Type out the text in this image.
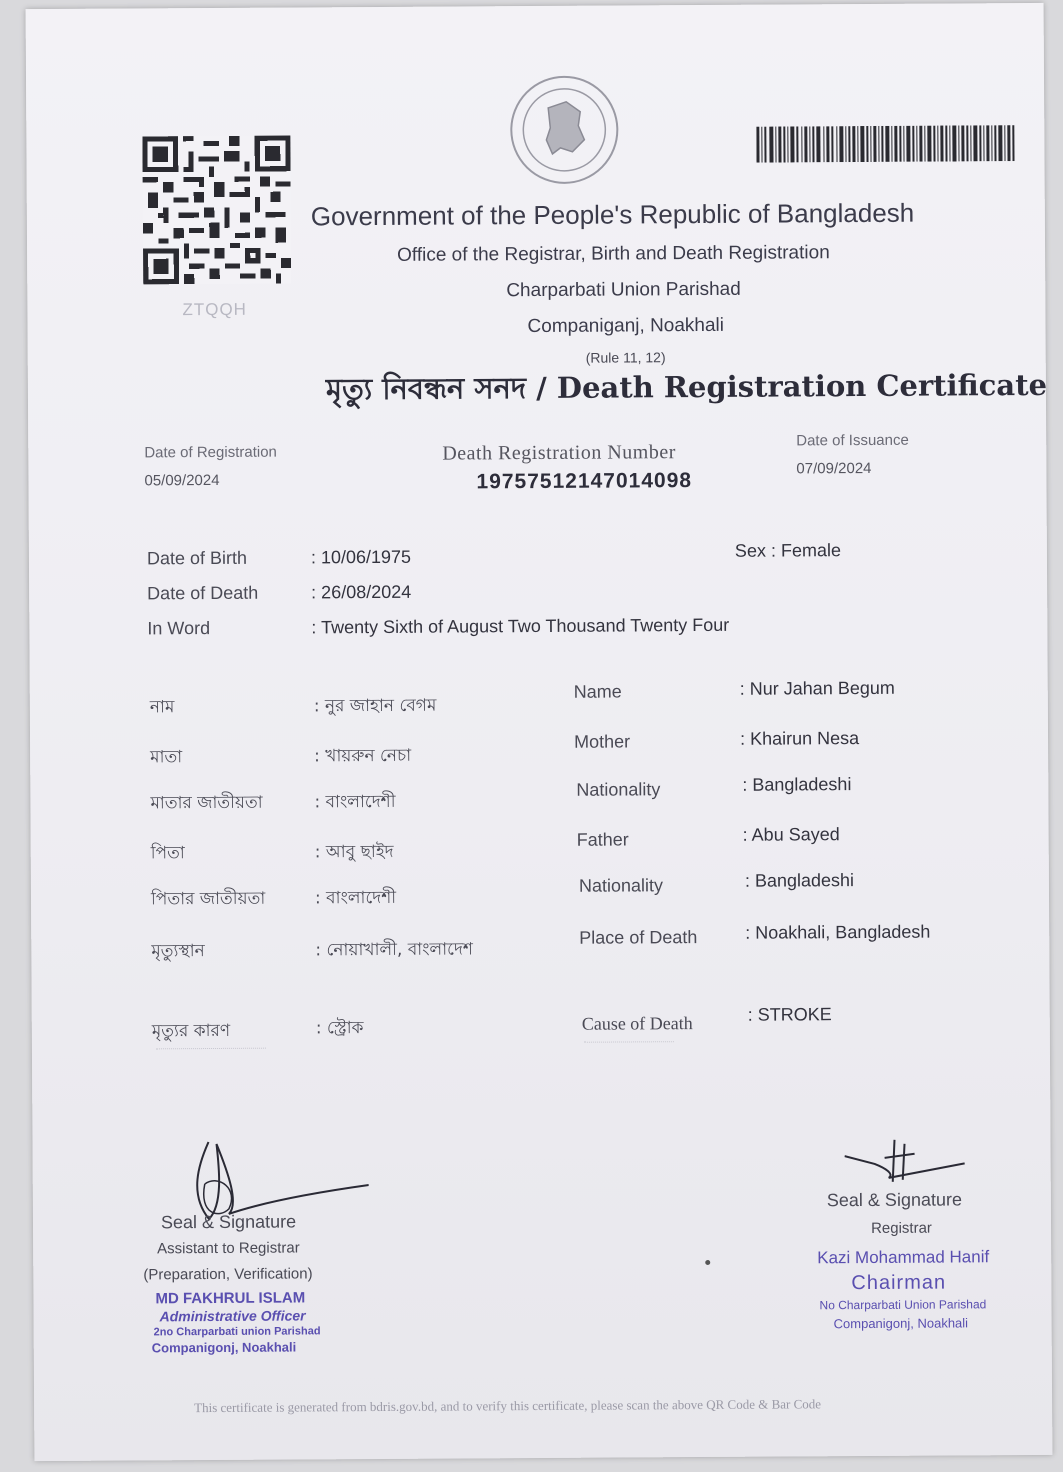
ZTQQH
Government of the People's Republic of Bangladesh
Office of the Registrar, Birth and Death Registration
Charparbati Union Parishad
Companiganj, Noakhali
(Rule 11, 12)
মৃত্যু নিবন্ধন সনদ / Death Registration Certificate
Date of Registration
05/09/2024
Death Registration Number
19757512147014098
Date of Issuance
07/09/2024
Date of Birth	: 10/06/1975
Date of Death	: 26/08/2024
In Word	: Twenty Sixth of August Two Thousand Twenty Four
Sex : Female
নাম	: নুর জাহান বেগম
মাতা	: খায়রুন নেচা
মাতার জাতীয়তা	: বাংলাদেশী
পিতা	: আবু ছাইদ
পিতার জাতীয়তা	: বাংলাদেশী
মৃত্যুস্থান	: নোয়াখালী, বাংলাদেশ
মৃত্যুর কারণ	: স্ট্রোক
Name	: Nur Jahan Begum
Mother	: Khairun Nesa
Nationality	: Bangladeshi
Father	: Abu Sayed
Nationality	: Bangladeshi
Place of Death	: Noakhali, Bangladesh
Cause of Death	: STROKE
Seal & Signature
Assistant to Registrar
(Preparation, Verification)
MD FAKHRUL ISLAM
Administrative Officer
2no Charparbati union Parishad
Companigonj, Noakhali
Seal & Signature
Registrar
Kazi Mohammad Hanif
Chairman
No Charparbati Union Parishad
Companigonj, Noakhali
This certificate is generated from bdris.gov.bd, and to verify this certificate, please scan the above QR Code & Bar Code
